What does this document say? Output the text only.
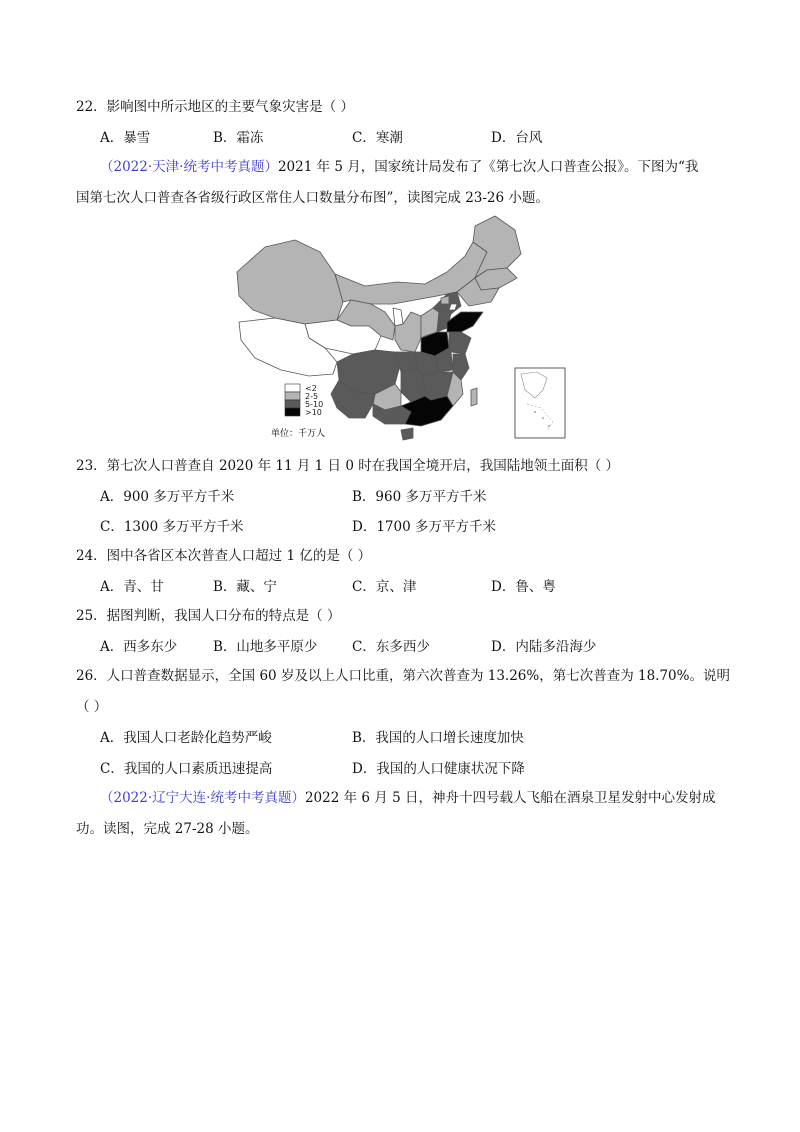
22．影响图中所示地区的主要气象灾害是（ ）
A．暴雪	B．霜冻	C．寒潮	D．台风
（2022·天津·统考中考真题）2021 年 5 月，国家统计局发布了《第七次人口普查公报》。下图为“我
国第七次人口普查各省级行政区常住人口数量分布图”，读图完成 23-26 小题。
<2
2-5
5-10
>10
单位：千万人
23．第七次人口普查自 2020 年 11 月 1 日 0 时在我国全境开启，我国陆地领土面积（ ）
A．900 多万平方千米	B．960 多万平方千米
C．1300 多万平方千米	D．1700 多万平方千米
24．图中各省区本次普查人口超过 1 亿的是（ ）
A．青、甘	B．藏、宁	C．京、津	D．鲁、粤
25．据图判断，我国人口分布的特点是（ ）
A．西多东少	B．山地多平原少	C．东多西少	D．内陆多沿海少
26．人口普查数据显示，全国 60 岁及以上人口比重，第六次普查为 13.26%，第七次普查为 18.70%。说明
（ ）
A．我国人口老龄化趋势严峻	B．我国的人口增长速度加快
C．我国的人口素质迅速提高	D．我国的人口健康状况下降
（2022·辽宁大连·统考中考真题）2022 年 6 月 5 日，神舟十四号载人飞船在酒泉卫星发射中心发射成
功。读图，完成 27-28 小题。
